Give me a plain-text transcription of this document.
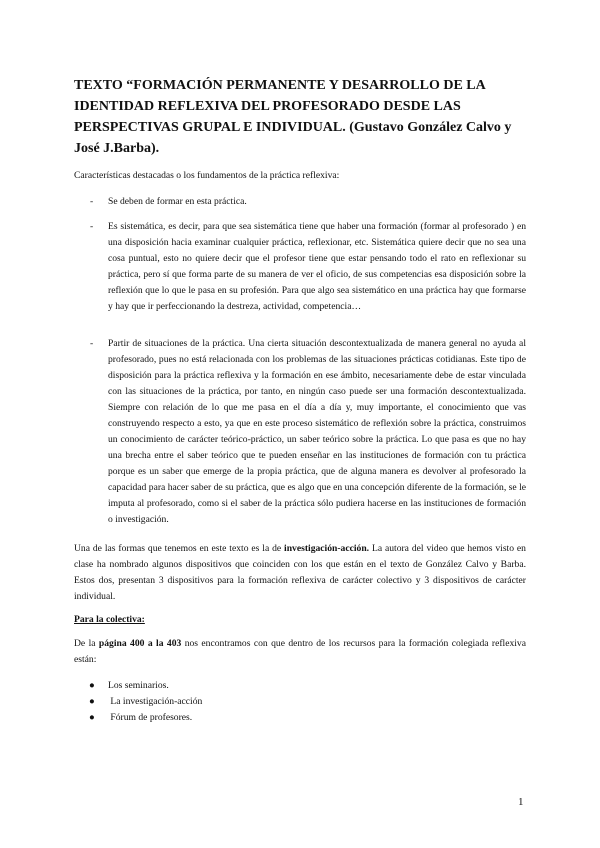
TEXTO “FORMACIÓN PERMANENTE Y DESARROLLO DE LA IDENTIDAD REFLEXIVA DEL PROFESORADO DESDE LAS PERSPECTIVAS GRUPAL E INDIVIDUAL. (Gustavo González Calvo y José J.Barba).

Características destacadas o los fundamentos de la práctica reflexiva:

- Se deben de formar en esta práctica.

- Es sistemática, es decir, para que sea sistemática tiene que haber una formación (formar al profesorado ) en una disposición hacia examinar cualquier práctica, reflexionar, etc. Sistemática quiere decir que no sea una cosa puntual, esto no quiere decir que el profesor tiene que estar pensando todo el rato en reflexionar su práctica, pero sí que forma parte de su manera de ver el oficio, de sus competencias esa disposición sobre la reflexión que lo que le pasa en su profesión. Para que algo sea sistemático en una práctica hay que formarse y hay que ir perfeccionando la destreza, actividad, competencia…

- Partir de situaciones de la práctica. Una cierta situación descontextualizada de manera general no ayuda al profesorado, pues no está relacionada con los problemas de las situaciones prácticas cotidianas. Este tipo de disposición para la práctica reflexiva y la formación en ese ámbito, necesariamente debe de estar vinculada con las situaciones de la práctica, por tanto, en ningún caso puede ser una formación descontextualizada. Siempre con relación de lo que me pasa en el día a día y, muy importante, el conocimiento que vas construyendo respecto a esto, ya que en este proceso sistemático de reflexión sobre la práctica, construimos un conocimiento de carácter teórico-práctico, un saber teórico sobre la práctica. Lo que pasa es que no hay una brecha entre el saber teórico que te pueden enseñar en las instituciones de formación con tu práctica porque es un saber que emerge de la propia práctica, que de alguna manera es devolver al profesorado la capacidad para hacer saber de su práctica, que es algo que en una concepción diferente de la formación, se le imputa al profesorado, como si el saber de la práctica sólo pudiera hacerse en las instituciones de formación o investigación.

Una de las formas que tenemos en este texto es la de investigación-acción. La autora del video que hemos visto en clase ha nombrado algunos dispositivos que coinciden con los que están en el texto de González Calvo y Barba. Estos dos, presentan 3 dispositivos para la formación reflexiva de carácter colectivo y 3 dispositivos de carácter individual.

Para la colectiva:

De la página 400 a la 403 nos encontramos con que dentro de los recursos para la formación colegiada reflexiva están:

● Los seminarios.
● La investigación-acción
● Fórum de profesores.
1
